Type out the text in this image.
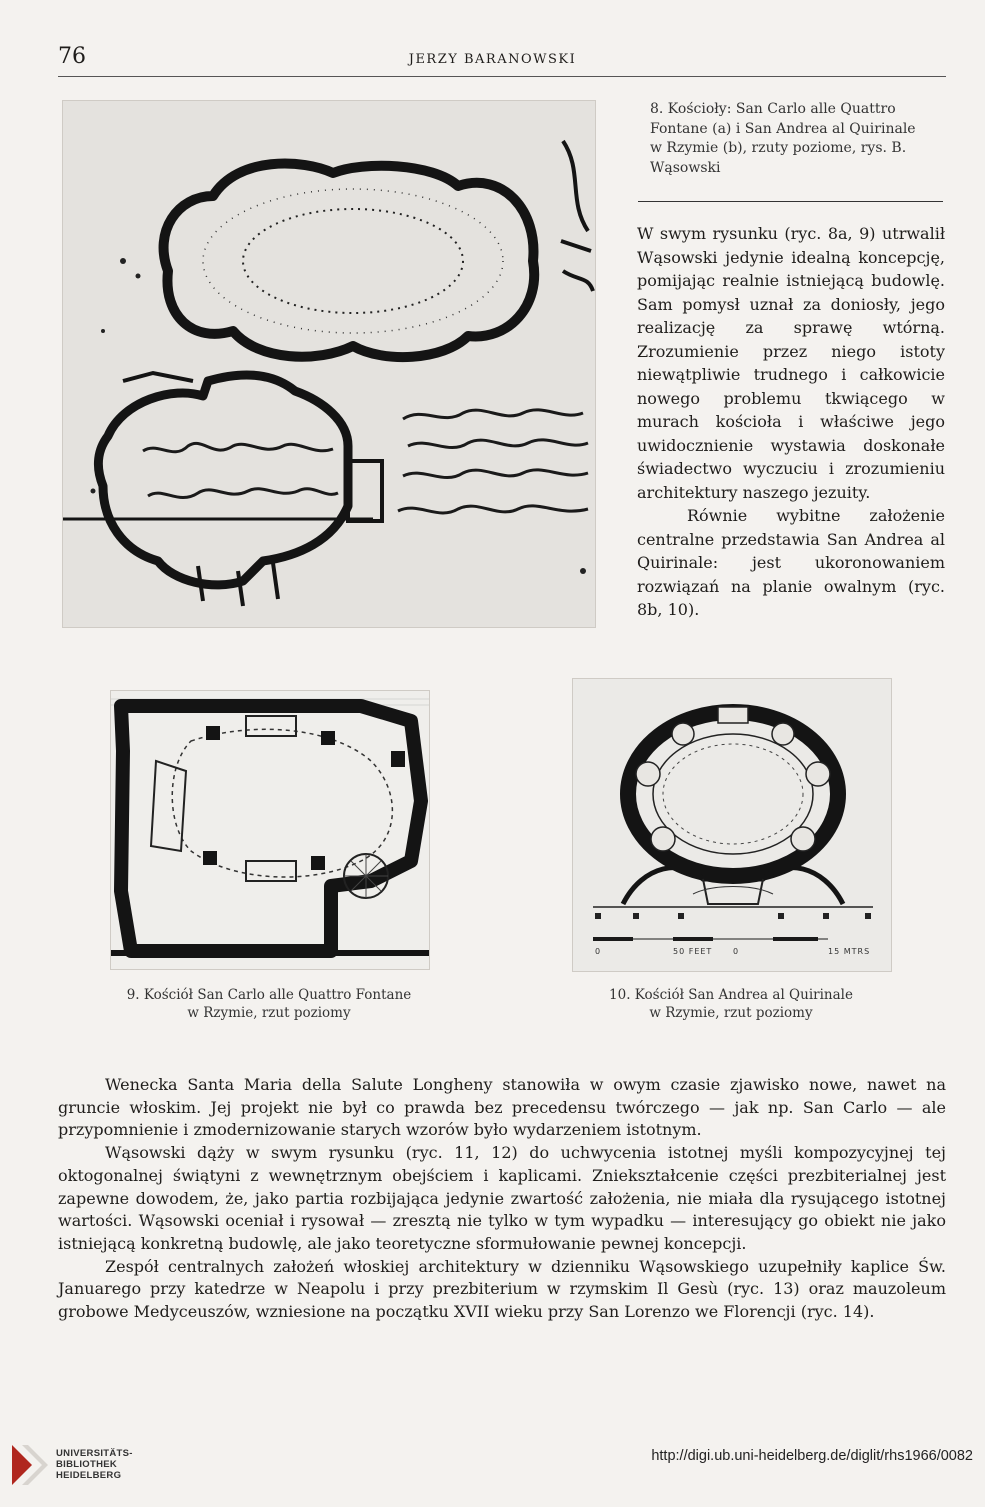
76	JERZY BARANOWSKI
8. Kościoły: San Carlo alle Quattro
Fontane (a) i San Andrea al Quirinale
w Rzymie (b), rzuty poziome, rys. B.
Wąsowski

W swym rysunku (ryc. 8a, 9) utrwalił Wąsowski jedynie idealną koncepcję, pomijając realnie istniejącą budowlę. Sam pomysł uznał za doniosły, jego realizację za sprawę wtórną. Zrozumienie przez niego istoty niewątpliwie trudnego i całkowicie nowego problemu tkwiącego w murach kościoła i właściwe jego uwidocznienie wystawia doskonałe świadectwo wyczuciu i zrozumieniu architektury naszego jezuity.

Równie wybitne założenie centralne przedstawia San Andrea al Quirinale: jest ukoronowaniem rozwiązań na planie owalnym (ryc. 8b, 10).

9. Kościół San Carlo alle Quattro Fontane
w Rzymie, rzut poziomy
0	50 FEET	0	15 MTRS
10. Kościół San Andrea al Quirinale
w Rzymie, rzut poziomy

Wenecka Santa Maria della Salute Longheny stanowiła w owym czasie zjawisko nowe, nawet na gruncie włoskim. Jej projekt nie był co prawda bez precedensu twórczego — jak np. San Carlo — ale przypomnienie i zmodernizowanie starych wzorów było wydarzeniem istotnym.

Wąsowski dąży w swym rysunku (ryc. 11, 12) do uchwycenia istotnej myśli kompozycyjnej tej oktogonalnej świątyni z wewnętrznym obejściem i kaplicami. Zniekształcenie części prezbiterialnej jest zapewne dowodem, że, jako partia rozbijająca jedynie zwartość założenia, nie miała dla rysującego istotnej wartości. Wąsowski oceniał i rysował — zresztą nie tylko w tym wypadku — interesujący go obiekt nie jako istniejącą konkretną budowlę, ale jako teoretyczne sformułowanie pewnej koncepcji.

Zespół centralnych założeń włoskiej architektury w dzienniku Wąsowskiego uzupełniły kaplice Św. Januarego przy katedrze w Neapolu i przy prezbiterium w rzymskim Il Gesù (ryc. 13) oraz mauzoleum grobowe Medyceuszów, wzniesione na początku XVII wieku przy San Lorenzo we Florencji (ryc. 14).

UNIVERSITÄTS-
BIBLIOTHEK
HEIDELBERG
http://digi.ub.uni-heidelberg.de/diglit/rhs1966/0082
